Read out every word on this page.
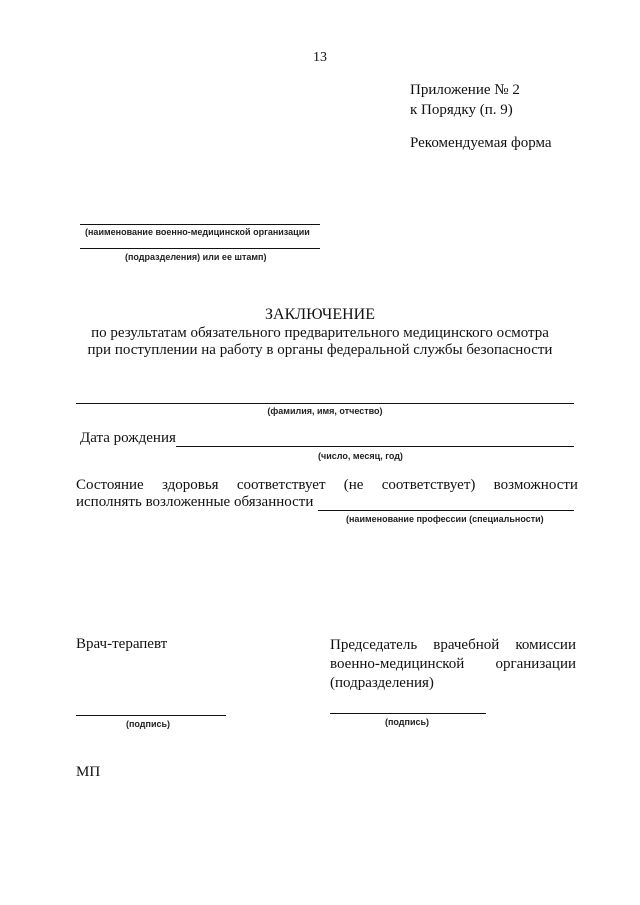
13
Приложение № 2
к Порядку (п. 9)
Рекомендуемая форма
(наименование военно-медицинской организации
(подразделения) или ее штамп)
ЗАКЛЮЧЕНИЕ
по результатам обязательного предварительного медицинского осмотра
при поступлении на работу в органы федеральной службы безопасности
(фамилия, имя, отчество)
Дата рождения
(число, месяц, год)
Состояние здоровья соответствует (не соответствует) возможности
исполнять возложенные обязанности
(наименование профессии (специальности)
Врач-терапевт	Председатель врачебной комиссии
военно-медицинской организации
(подразделения)
(подпись)	(подпись)
МП
